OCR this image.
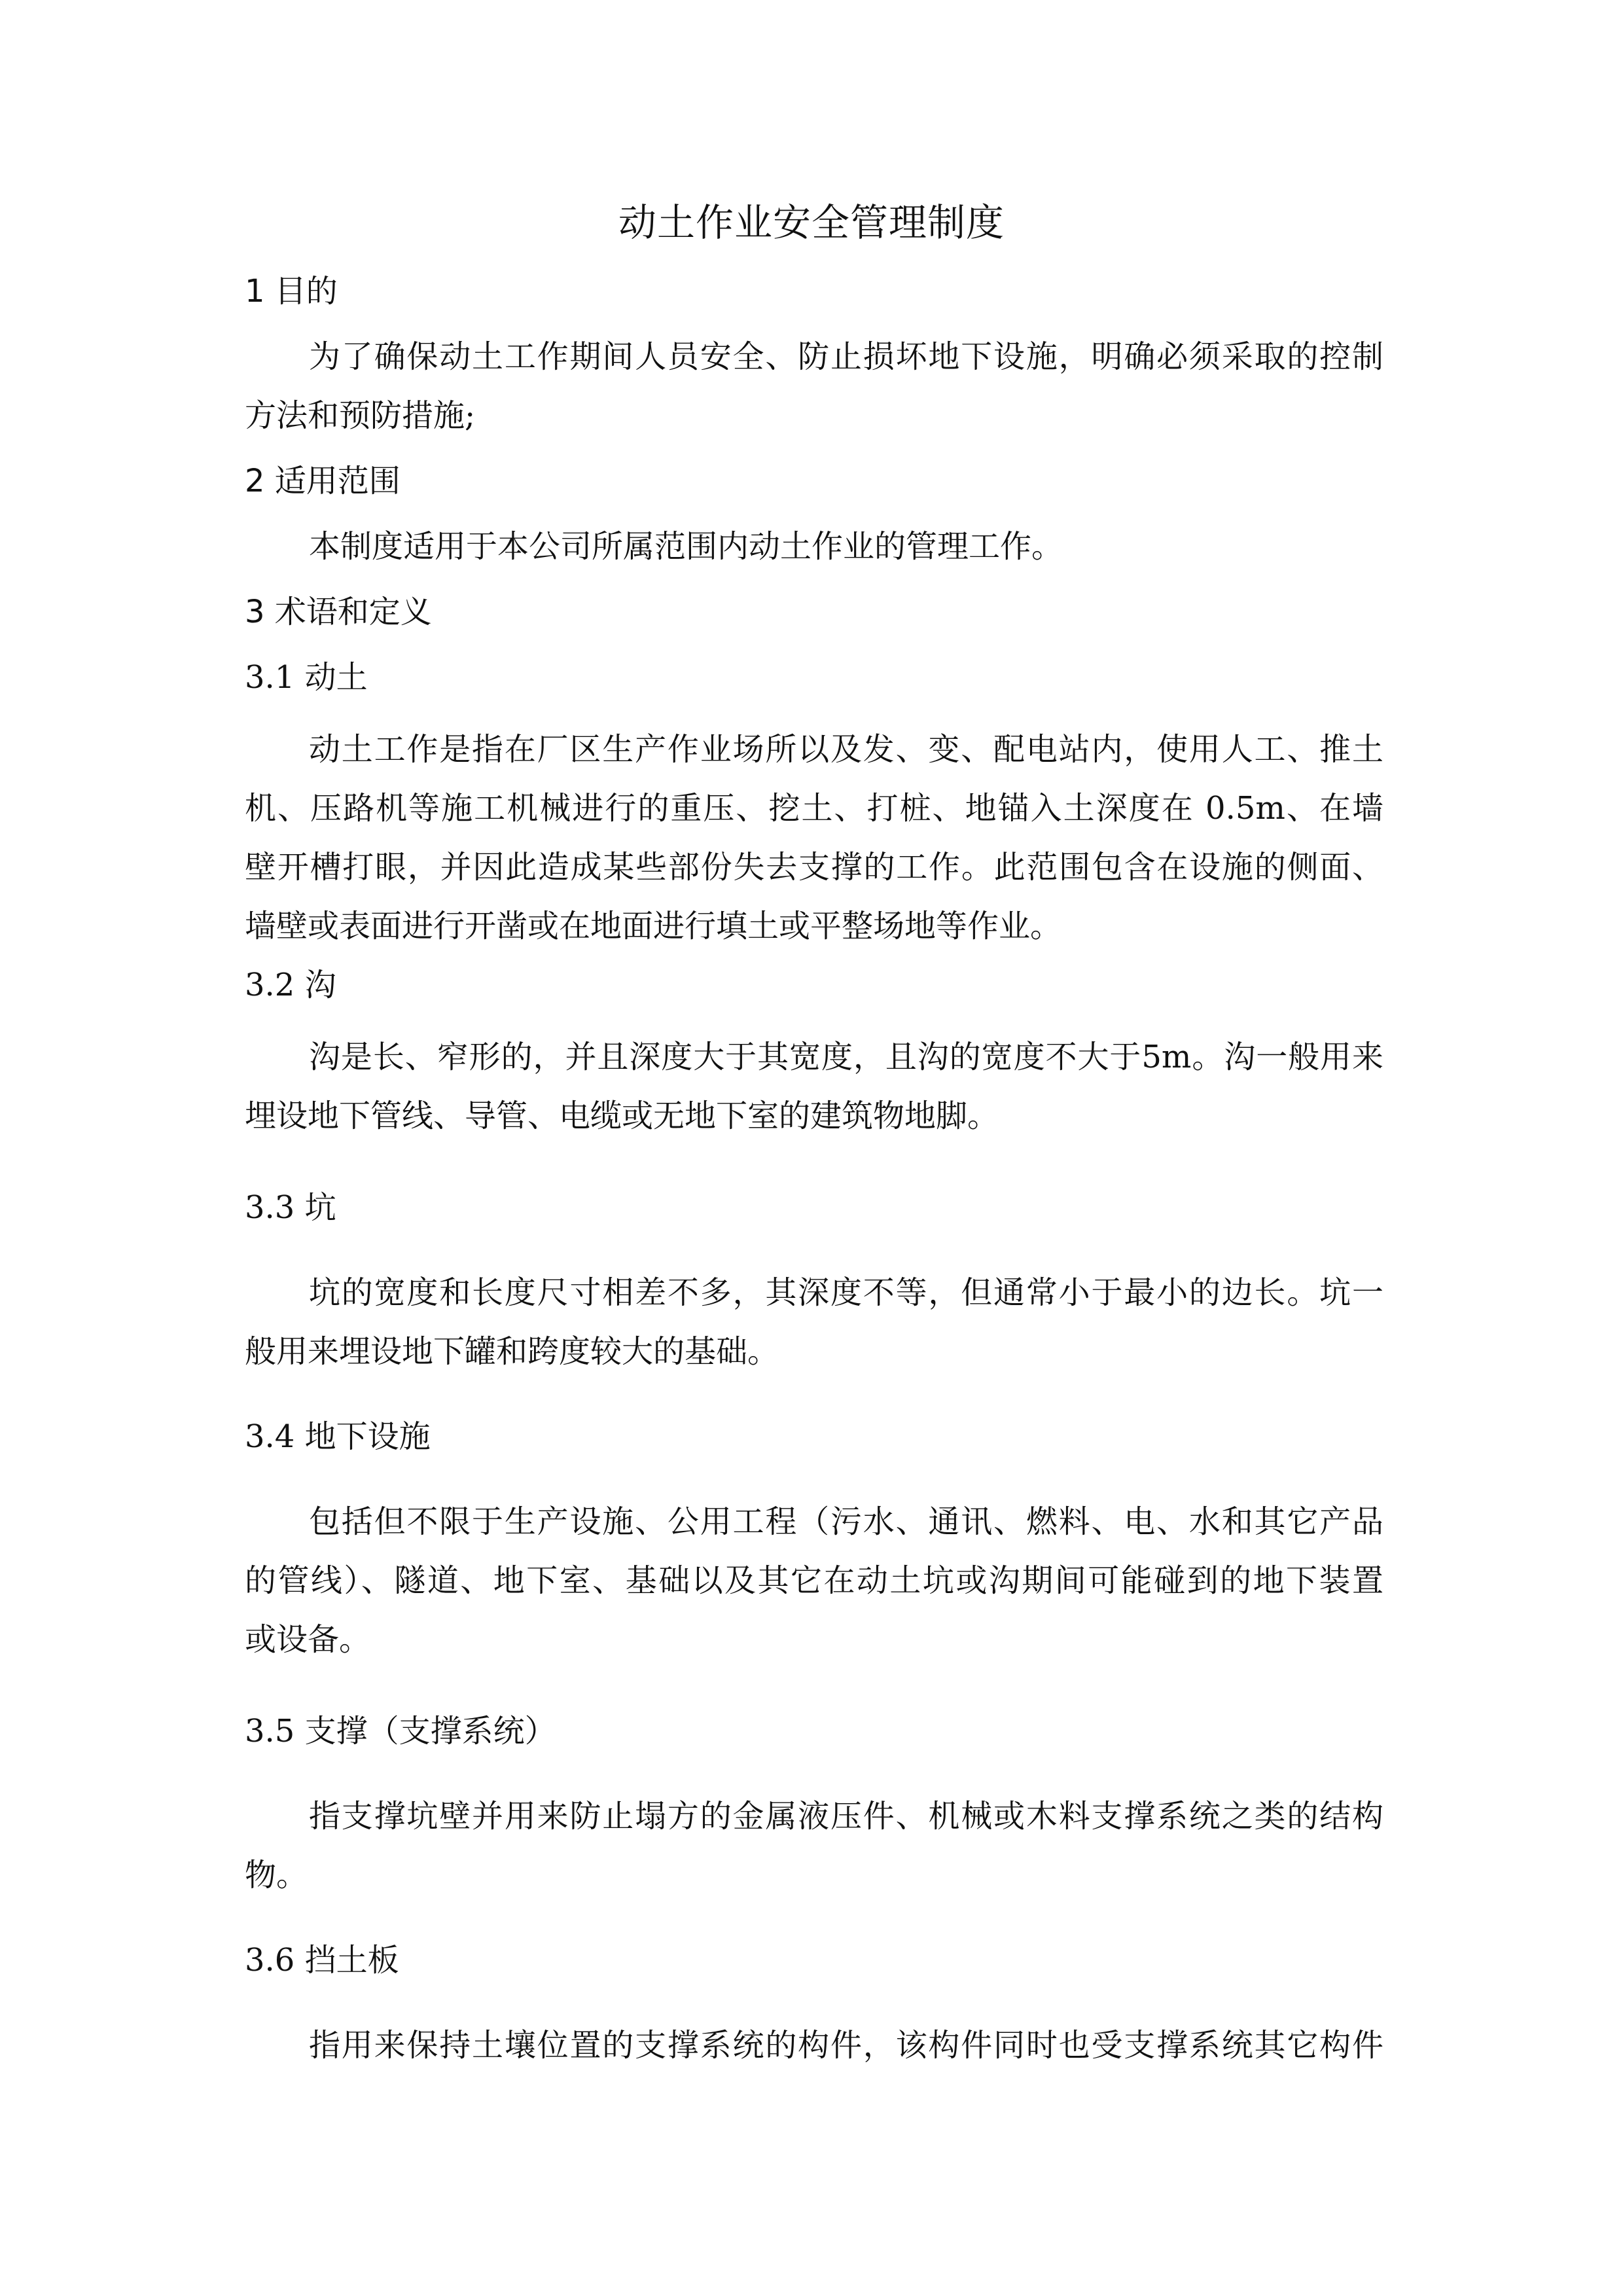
动土作业安全管理制度
1 目的
为了确保动土工作期间人员安全、防止损坏地下设施，明确必须采取的控制
方法和预防措施;
2 适用范围
本制度适用于本公司所属范围内动土作业的管理工作。
3 术语和定义
3.1 动土
动土工作是指在厂区生产作业场所以及发、变、配电站内，使用人工、推土
机、压路机等施工机械进行的重压、挖土、打桩、地锚入土深度在 0.5m、在墙
壁开槽打眼，并因此造成某些部份失去支撑的工作。此范围包含在设施的侧面、
墙壁或表面进行开凿或在地面进行填土或平整场地等作业。
3.2 沟
沟是长、窄形的，并且深度大于其宽度，且沟的宽度不大于5m。沟一般用来
埋设地下管线、导管、电缆或无地下室的建筑物地脚。
3.3 坑
坑的宽度和长度尺寸相差不多，其深度不等，但通常小于最小的边长。坑一
般用来埋设地下罐和跨度较大的基础。
3.4 地下设施
包括但不限于生产设施、公用工程（污水、通讯、燃料、电、水和其它产品
的管线）、隧道、地下室、基础以及其它在动土坑或沟期间可能碰到的地下装置
或设备。
3.5 支撑（支撑系统）
指支撑坑壁并用来防止塌方的金属液压件、机械或木料支撑系统之类的结构
物。
3.6 挡土板
指用来保持土壤位置的支撑系统的构件，该构件同时也受支撑系统其它构件
